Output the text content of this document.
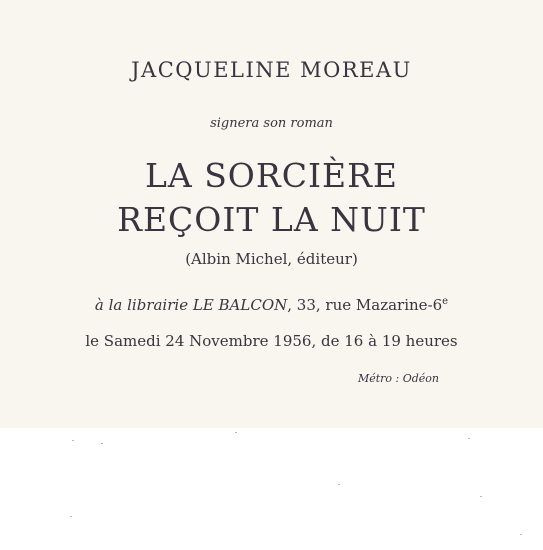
JACQUELINE MOREAU
signera son roman
LA SORCIÈRE
REÇOIT LA NUIT
(Albin Michel, éditeur)
à la librairie LE BALCON, 33, rue Mazarine-6e
le Samedi 24 Novembre 1956, de 16 à 19 heures
Métro : Odéon
